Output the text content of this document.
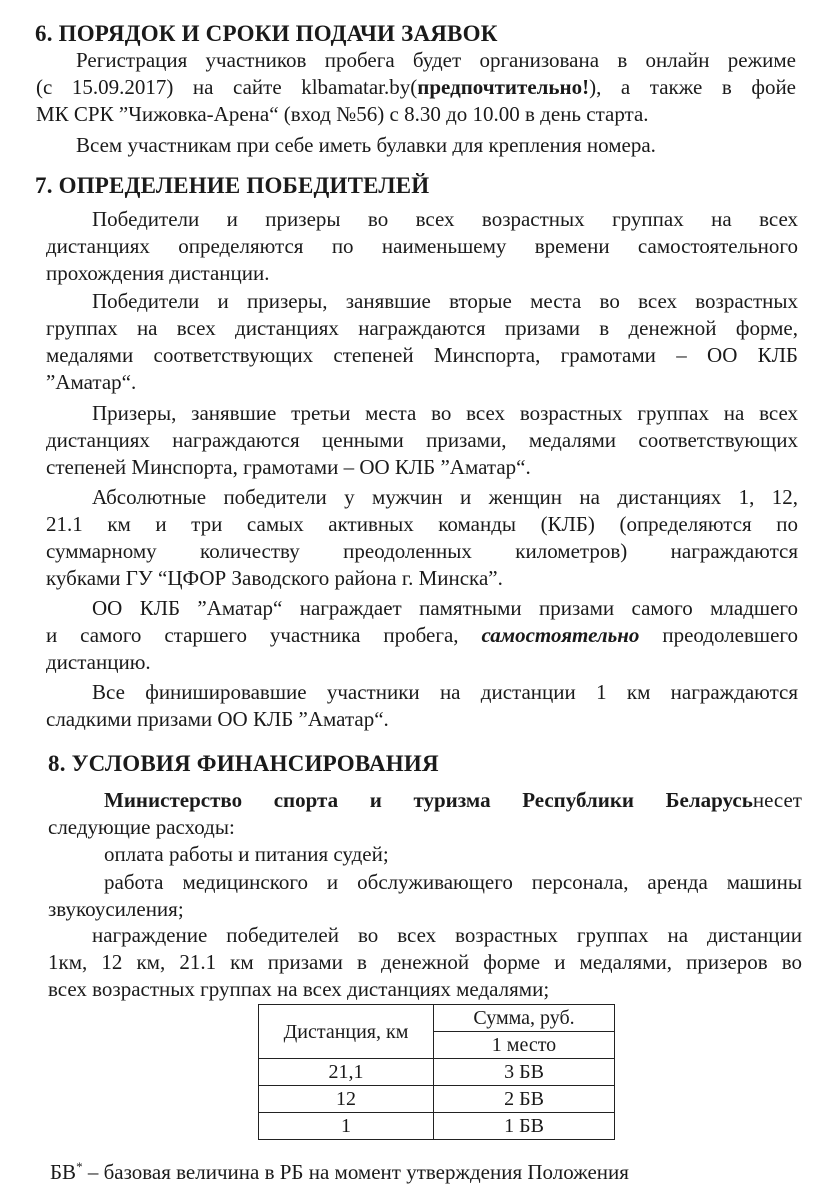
6. ПОРЯДОК И СРОКИ ПОДАЧИ ЗАЯВОК
Регистрация участников пробега будет организована в онлайн режиме
(с 15.09.2017) на сайте klbamatar.by(предпочтительно!), а также в фойе
МК СРК ”Чижовка-Арена“ (вход №56) с 8.30 до 10.00 в день старта.
Всем участникам при себе иметь булавки для крепления номера.
7. ОПРЕДЕЛЕНИЕ ПОБЕДИТЕЛЕЙ
Победители и призеры во всех возрастных группах на всех
дистанциях определяются по наименьшему времени самостоятельного
прохождения дистанции.
Победители и призеры, занявшие вторые места во всех возрастных
группах на всех дистанциях награждаются призами в денежной форме,
медалями соответствующих степеней Минспорта, грамотами – ОО КЛБ
”Аматар“.
Призеры, занявшие третьи места во всех возрастных группах на всех
дистанциях награждаются ценными призами, медалями соответствующих
степеней Минспорта, грамотами – ОО КЛБ ”Аматар“.
Абсолютные победители у мужчин и женщин на дистанциях 1, 12,
21.1 км и три самых активных команды (КЛБ) (определяются по
суммарному количеству преодоленных километров) награждаются
кубками ГУ “ЦФОР Заводского района г. Минска”.
ОО КЛБ ”Аматар“ награждает памятными призами самого младшего
и самого старшего участника пробега, самостоятельно преодолевшего
дистанцию.
Все финишировавшие участники на дистанции 1 км награждаются
сладкими призами ОО КЛБ ”Аматар“.
8. УСЛОВИЯ ФИНАНСИРОВАНИЯ
Министерство спорта и туризма Республики Беларусьнесет
следующие расходы:
оплата работы и питания судей;
работа медицинского и обслуживающего персонала, аренда машины
звукоусиления;
награждение победителей во всех возрастных группах на дистанции
1км, 12 км, 21.1 км призами в денежной форме и медалями, призеров во
всех возрастных группах на всех дистанциях медалями;
Дистанция, км	Сумма, руб.
	1 место
21,1	3 БВ
12	2 БВ
1	1 БВ
БВ* – базовая величина в РБ на момент утверждения Положения
